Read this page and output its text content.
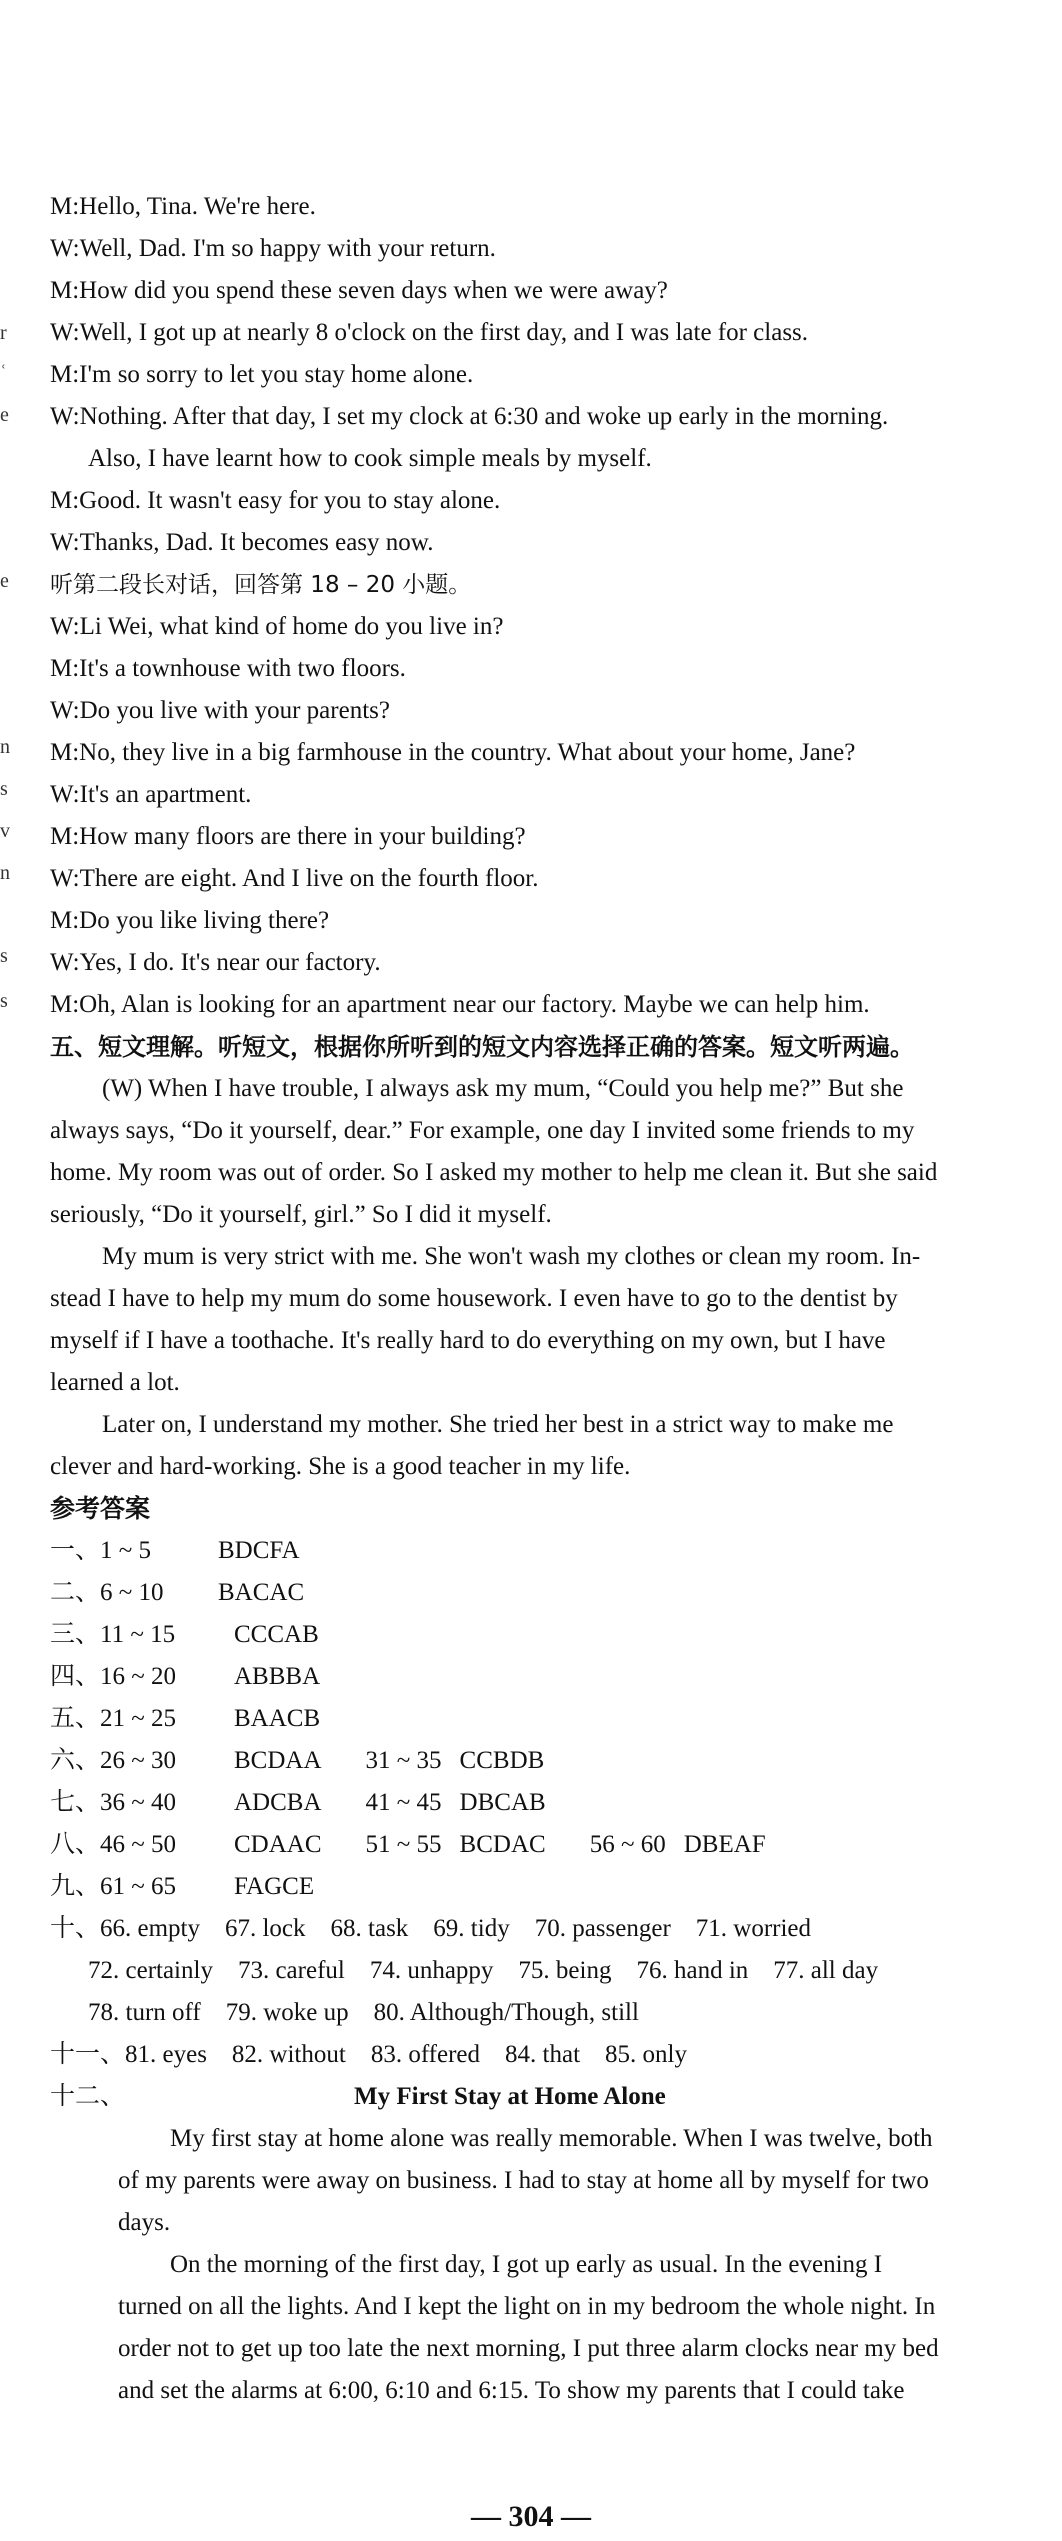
r
ʿ
e
e
n
s
v
n
s
s
M:Hello, Tina. We're here.
W:Well, Dad. I'm so happy with your return.
M:How did you spend these seven days when we were away?
W:Well, I got up at nearly 8 o'clock on the first day, and I was late for class.
M:I'm so sorry to let you stay home alone.
W:Nothing. After that day, I set my clock at 6:30 and woke up early in the morning.
Also, I have learnt how to cook simple meals by myself.
M:Good. It wasn't easy for you to stay alone.
W:Thanks, Dad. It becomes easy now.
听第二段长对话，回答第 18 – 20 小题。
W:Li Wei, what kind of home do you live in?
M:It's a townhouse with two floors.
W:Do you live with your parents?
M:No, they live in a big farmhouse in the country. What about your home, Jane?
W:It's an apartment.
M:How many floors are there in your building?
W:There are eight. And I live on the fourth floor.
M:Do you like living there?
W:Yes, I do. It's near our factory.
M:Oh, Alan is looking for an apartment near our factory. Maybe we can help him.
五、短文理解。听短文，根据你所听到的短文内容选择正确的答案。短文听两遍。
(W) When I have trouble, I always ask my mum, “Could you help me?” But she
always says, “Do it yourself, dear.” For example, one day I invited some friends to my
home. My room was out of order. So I asked my mother to help me clean it. But she said
seriously, “Do it yourself, girl.” So I did it myself.
My mum is very strict with me. She won't wash my clothes or clean my room. In-
stead I have to help my mum do some housework. I even have to go to the dentist by
myself if I have a toothache. It's really hard to do everything on my own, but I have
learned a lot.
Later on, I understand my mother. She tried her best in a strict way to make me
clever and hard-working. She is a good teacher in my life.
参考答案
一、1 ~ 5	BDCFA
二、6 ~ 10	BACAC
三、11 ~ 15	CCCAB
四、16 ~ 20	ABBBA
五、21 ~ 25	BAACB
六、26 ~ 30	BCDAA 31 ~ 35 CCBDB
七、36 ~ 40	ADCBA 41 ~ 45 DBCAB
八、46 ~ 50	CDAAC 51 ~ 55 BCDAC 56 ~ 60 DBEAF
九、61 ~ 65	FAGCE
十、66. empty    67. lock    68. task    69. tidy    70. passenger    71. worried
72. certainly    73. careful    74. unhappy    75. being    76. hand in    77. all day
78. turn off    79. woke up    80. Although/Though, still
十一、81. eyes    82. without    83. offered    84. that    85. only
十二、	My First Stay at Home Alone
My first stay at home alone was really memorable. When I was twelve, both
of my parents were away on business. I had to stay at home all by myself for two
days.
On the morning of the first day, I got up early as usual. In the evening I
turned on all the lights. And I kept the light on in my bedroom the whole night. In
order not to get up too late the next morning, I put three alarm clocks near my bed
and set the alarms at 6:00, 6:10 and 6:15. To show my parents that I could take
— 304 —
